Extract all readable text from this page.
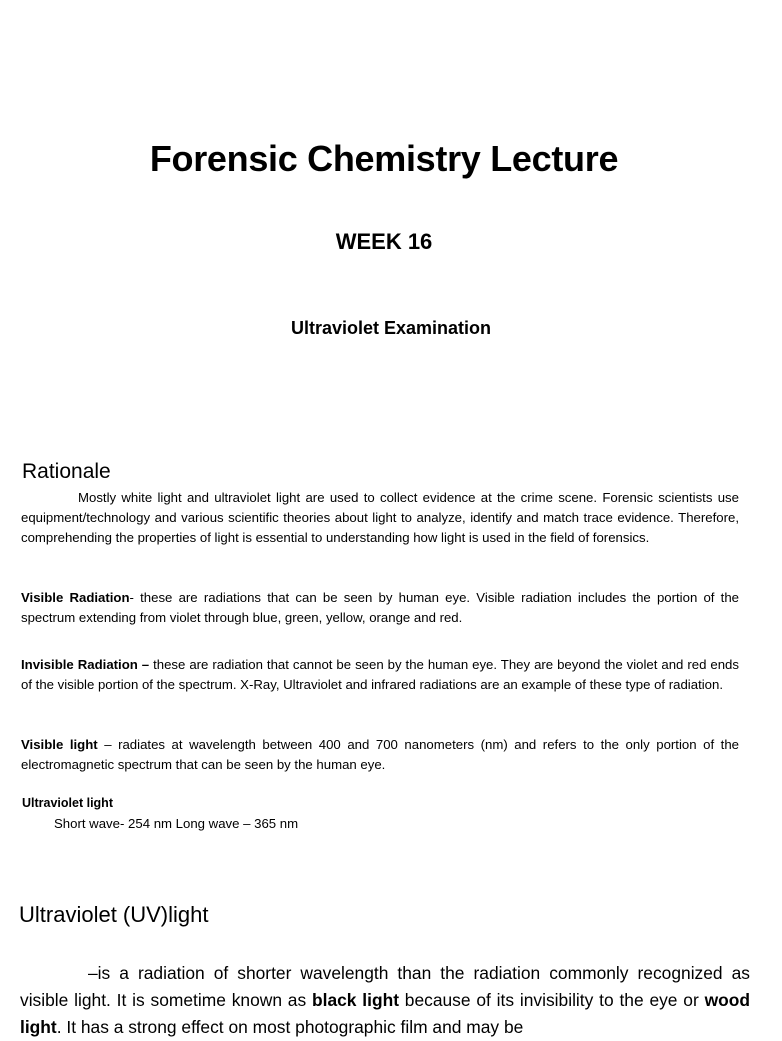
Forensic Chemistry Lecture
WEEK 16
Ultraviolet Examination
Rationale

Mostly white light and ultraviolet light are used to collect evidence at the crime scene. Forensic scientists use equipment/technology and various scientific theories about light to analyze, identify and match trace evidence. Therefore, comprehending the properties of light is essential to understanding how light is used in the field of forensics.

Visible Radiation- these are radiations that can be seen by human eye. Visible radiation includes the portion of the spectrum extending from violet through blue, green, yellow, orange and red.

Invisible Radiation – these are radiation that cannot be seen by the human eye. They are beyond the violet and red ends of the visible portion of the spectrum. X-Ray, Ultraviolet and infrared radiations are an example of these type of radiation.

Visible light – radiates at wavelength between 400 and 700 nanometers (nm) and refers to the only portion of the electromagnetic spectrum that can be seen by the human eye.

Ultraviolet light
Short wave- 254 nm Long wave – 365 nm
Ultraviolet (UV)light

–is a radiation of shorter wavelength than the radiation commonly recognized as visible light. It is sometime known as black light because of its invisibility to the eye or wood light. It has a strong effect on most photographic film and may be
